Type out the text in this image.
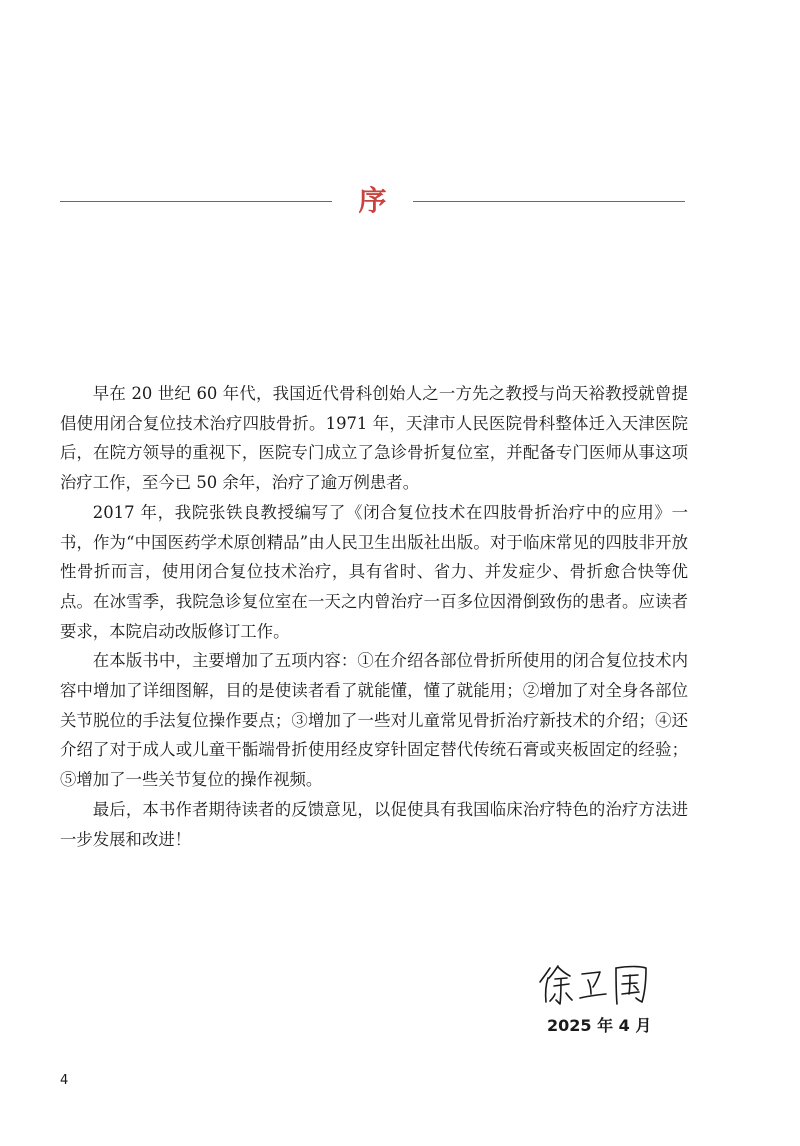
序

早在 20 世纪 60 年代，我国近代骨科创始人之一方先之教授与尚天裕教授就曾提倡使用闭合复位技术治疗四肢骨折。1971 年，天津市人民医院骨科整体迁入天津医院后，在院方领导的重视下，医院专门成立了急诊骨折复位室，并配备专门医师从事这项治疗工作，至今已 50 余年，治疗了逾万例患者。

2017 年，我院张铁良教授编写了《闭合复位技术在四肢骨折治疗中的应用》一书，作为“中国医药学术原创精品”由人民卫生出版社出版。对于临床常见的四肢非开放性骨折而言，使用闭合复位技术治疗，具有省时、省力、并发症少、骨折愈合快等优点。在冰雪季，我院急诊复位室在一天之内曾治疗一百多位因滑倒致伤的患者。应读者要求，本院启动改版修订工作。

在本版书中，主要增加了五项内容：①在介绍各部位骨折所使用的闭合复位技术内容中增加了详细图解，目的是使读者看了就能懂，懂了就能用；②增加了对全身各部位关节脱位的手法复位操作要点；③增加了一些对儿童常见骨折治疗新技术的介绍；④还介绍了对于成人或儿童干骺端骨折使用经皮穿针固定替代传统石膏或夹板固定的经验；⑤增加了一些关节复位的操作视频。

最后，本书作者期待读者的反馈意见，以促使具有我国临床治疗特色的治疗方法进一步发展和改进！

2025 年 4 月
4
